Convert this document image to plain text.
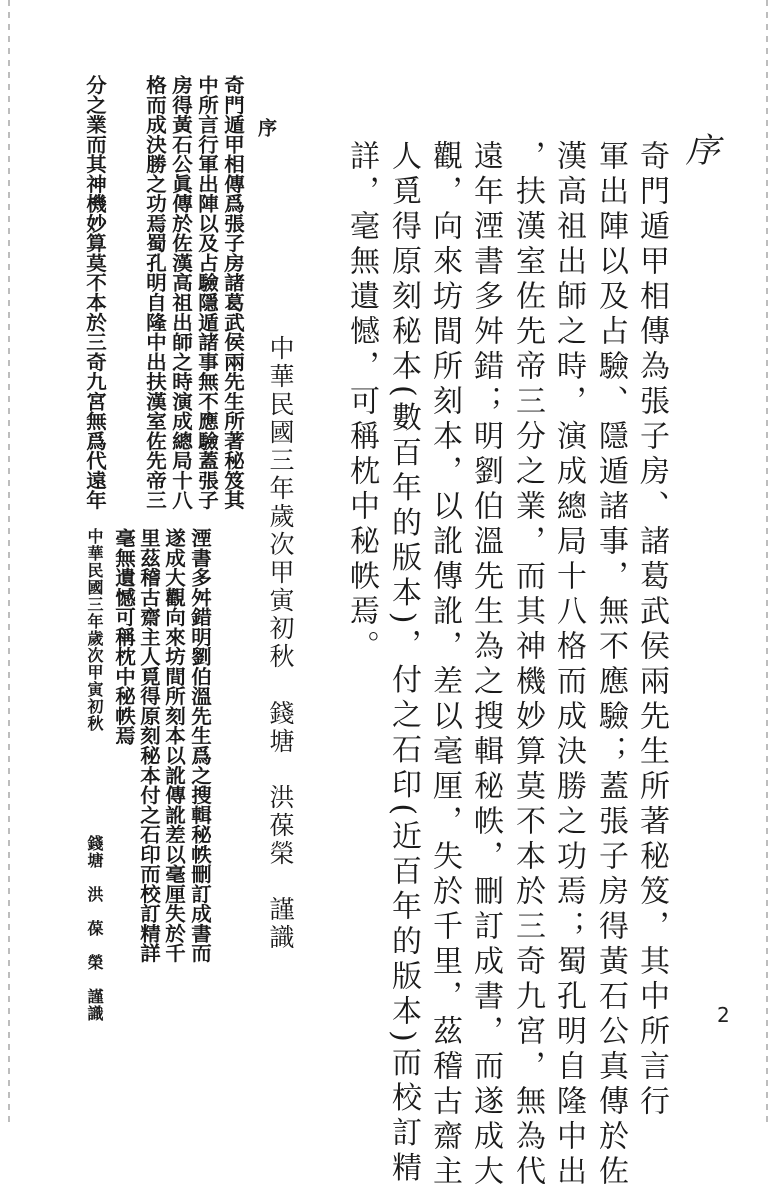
序
奇門遁甲相傳為張子房、諸葛武侯兩先生所著秘笈，其中所言行
軍出陣以及占驗、隱遁諸事，無不應驗；蓋張子房得黃石公真傳於佐
漢高祖出師之時，演成總局十八格而成決勝之功焉；蜀孔明自隆中出
，扶漢室佐先帝三分之業，而其神機妙算莫不本於三奇九宮，無為代
遠年湮書多舛錯；明劉伯溫先生為之搜輯秘帙，刪訂成書，而遂成大
觀，向來坊間所刻本，以訛傳訛，差以毫厘，失於千里，茲稽古齋主
人覓得原刻秘本(數百年的版本)，付之石印(近百年的版本)而校訂精
詳，毫無遺憾，可稱枕中秘帙焉。
中華民國三年歲次甲寅初秋
錢塘　洪葆榮　謹識
序
奇門遁甲相傳爲張子房諸葛武侯兩先生所著秘笈其
中所言行軍出陣以及占驗隱遁諸事無不應驗蓋張子
房得黃石公眞傳於佐漢高祖出師之時演成總局十八
格而成決勝之功焉蜀孔明自隆中出扶漢室佐先帝三
分之業而其神機妙算莫不本於三奇九宮無爲代遠年
湮書多舛錯明劉伯溫先生爲之搜輯秘帙刪訂成書而
遂成大觀向來坊間所刻本以訛傳訛差以毫厘失於千
里茲稽古齋主人覓得原刻秘本付之石印而校訂精詳
毫無遺憾可稱枕中秘帙焉
中華民國三年歲次甲寅初秋
錢塘　洪　葆　榮　謹識	2
